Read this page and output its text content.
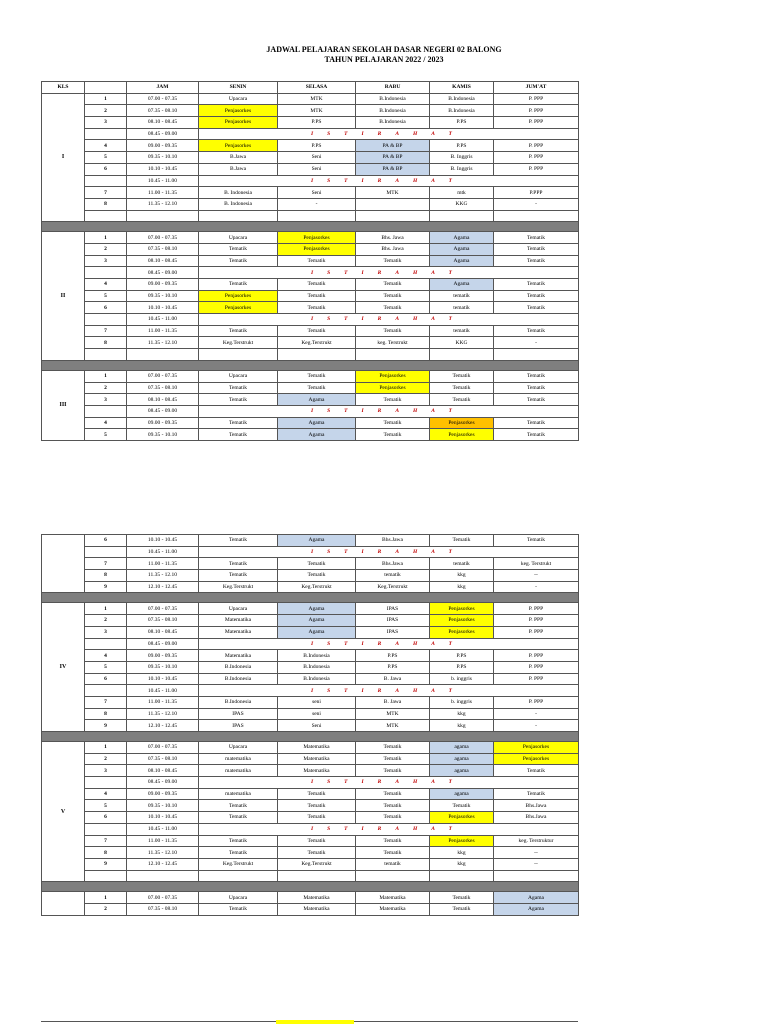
JADWAL PELAJARAN SEKOLAH DASAR NEGERI 02 BALONG
TAHUN PELAJARAN 2022 / 2023
KLS		JAM	SENIN	SELASA	RABU	KAMIS	JUM'AT
I	1	07.00 - 07.35	Upacara	MTK	B.Indonesia	B.Indonesia	P. PPP
	2	07.35 - 08.10	Penjasorkes	MTK	B.Indonesia	B.Indonesia	P. PPP
	3	08.10 - 08.45	Penjasorkes	P.PS	B.Indonesia	P.PS	P. PPP
		08.45 - 09.00	ISTIRAHAT				
	4	09.00 - 09.35	Penjasorkes	P.PS	PA & BP	P.PS	P. PPP
	5	09.35 - 10.10	B.Jawa	Seni	PA & BP	B. Inggris	P. PPP
	6	10.10 - 10.45	B.Jawa	Seni	PA & BP	B. Inggris	P. PPP
		10.45 - 11.00	ISTIRAHAT				
	7	11.00 - 11.35	B. Indonesia	Seni	MTK	mtk	P.PPP
	8	11.35 - 12.10	B. Indonesia	-		KKG	-

II	1	07.00 - 07.35	Upacara	Penjasorkes	Bhs. Jawa	Agama	Tematik
	2	07.35 - 08.10	Tematik	Penjasorkes	Bhs. Jawa	Agama	Tematik
	3	08.10 - 08.45	Tematik	Tematik	Tematik	Agama	Tematik
		08.45 - 09.00	ISTIRAHAT				
	4	09.00 - 09.35	Tematik	Tematik	Tematik	Agama	Tematik
	5	09.35 - 10.10	Penjasorkes	Tematik	Tematik	tematik	Tematik
	6	10.10 - 10.45	Penjasorkes	Tematik	Tematik	tematik	Tematik
		10.45 - 11.00	ISTIRAHAT				
	7	11.00 - 11.35	Tematik	Tematik	Tematik	tematik	Tematik
	8	11.35 - 12.10	Keg.Terstrukt	Keg.Terstrukt	keg. Terstrukt	KKG	-

III	1	07.00 - 07.35	Upacara	Tematik	Penjasorkes	Tematik	Tematik
	2	07.35 - 08.10	Tematik	Tematik	Penjasorkes	Tematik	Tematik
	3	08.10 - 08.45	Tematik	Agama	Tematik	Tematik	Tematik
		08.45 - 09.00	ISTIRAHAT				
	4	09.00 - 09.35	Tematik	Agama	Tematik	Penjasorkes	Tematik
	5	09.35 - 10.10	Tematik	Agama	Tematik	Penjasorkes	Tematik
	6	10.10 - 10.45	Tematik	Agama	Bhs.Jawa	Tematik	Tematik
		10.45 - 11.00	ISTIRAHAT				
	7	11.00 - 11.35	Tematik	Tematik	Bhs.Jawa	tematik	keg. Terstrukt
	8	11.35 - 12.10	Tematik	Tematik	tematik	kkg	--
	9	12.10 - 12.45	Keg.Terstrukt	Keg.Terstrukt	Keg.Terstrukt	kkg	-

IV	1	07.00 - 07.35	Upacara	Agama	IPAS	Penjasorkes	P. PPP
	2	07.35 - 08.10	Matematika	Agama	IPAS	Penjasorkes	P. PPP
	3	08.10 - 08.45	Matematika	Agama	IPAS	Penjasorkes	P. PPP
		08.45 - 09.00	ISTIRAHAT				
	4	09.00 - 09.35	Matematika	B.Indonesia	P.PS	P.PS	P. PPP
	5	09.35 - 10.10	B.Indonesia	B.Indonesia	P.PS	P.PS	P. PPP
	6	10.10 - 10.45	B.Indonesia	B.Indonesia	B. Jawa	b. inggris	P. PPP
		10.45 - 11.00	ISTIRAHAT				
	7	11.00 - 11.35	B.Indonesia	seni	B. Jawa	b. inggris	P. PPP
	8	11.35 - 12.10	IPAS	seni	MTK	kkg	-
	9	12.10 - 12.45	IPAS	Seni	MTK	kkg	-

V	1	07.00 - 07.35	Upacara	Matematika	Tematik	agama	Penjasorkes
	2	07.35 - 08.10	matematika	Matematika	Tematik	agama	Penjasorkes
	3	08.10 - 08.45	matematika	Matematika	Tematik	agama	Tematik
		08.45 - 09.00	ISTIRAHAT				
	4	09.00 - 09.35	matematika	Tematik	Tematik	agama	Tematik
	5	09.35 - 10.10	Tematik	Tematik	Tematik	Tematik	Bhs.Jawa
	6	10.10 - 10.45	Tematik	Tematik	Tematik	Penjasorkes	Bhs.Jawa
		10.45 - 11.00	ISTIRAHAT				
	7	11.00 - 11.35	Tematik	Tematik	Tematik	Penjasorkes	keg. Terstruktur
	8	11.35 - 12.10	Tematik	Tematik	Tematik	kkg	--
	9	12.10 - 12.45	Keg.Terstrukt	Keg.Terstrukt	tematik	kkg	--

	1	07.00 - 07.35	Upacara	Matematika	Matematika	Tematik	Agama
	2	07.35 - 08.10	Tematik	Matematika	Matematika	Tematik	Agama
